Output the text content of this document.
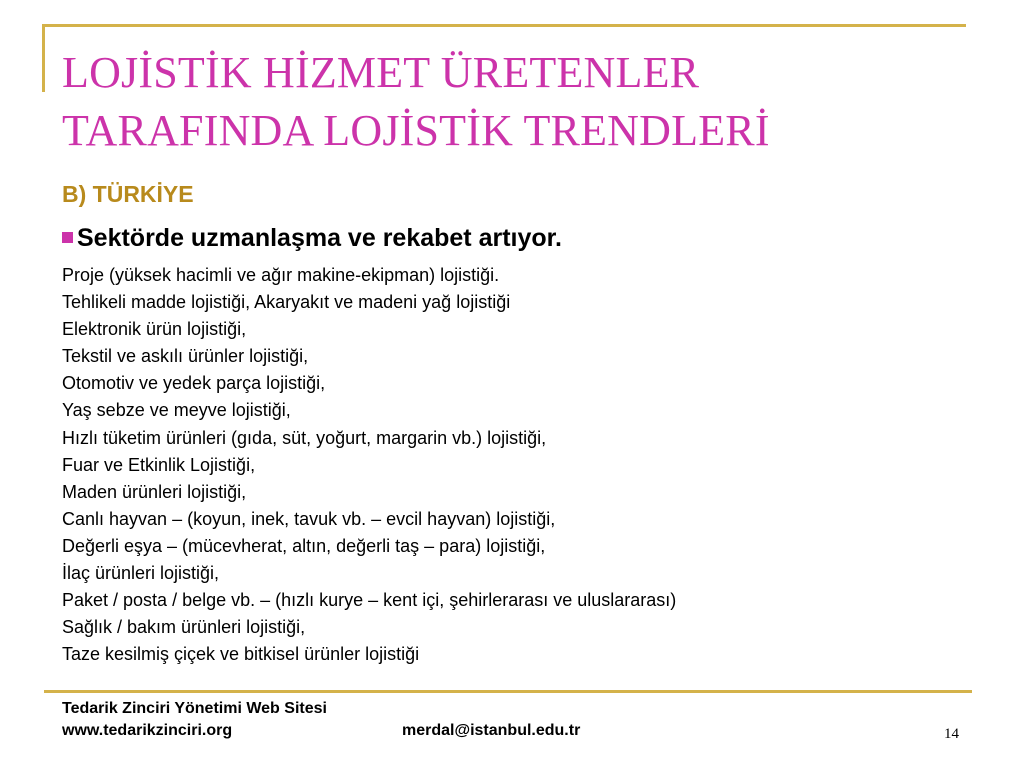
LOJİSTİK HİZMET ÜRETENLER
TARAFINDA LOJİSTİK TRENDLERİ
B) TÜRKİYE
Sektörde uzmanlaşma ve rekabet artıyor.
Proje (yüksek hacimli ve ağır makine-ekipman) lojistiği.
Tehlikeli madde lojistiği, Akaryakıt ve madeni yağ lojistiği
Elektronik ürün lojistiği,
Tekstil ve askılı ürünler lojistiği,
Otomotiv ve yedek parça lojistiği,
Yaş sebze ve meyve lojistiği,
Hızlı tüketim ürünleri (gıda, süt, yoğurt, margarin vb.) lojistiği,
Fuar ve Etkinlik Lojistiği,
Maden ürünleri lojistiği,
Canlı hayvan – (koyun, inek, tavuk vb. – evcil hayvan) lojistiği,
Değerli eşya – (mücevherat, altın, değerli taş – para) lojistiği,
İlaç ürünleri lojistiği,
Paket / posta / belge vb. – (hızlı kurye – kent içi, şehirlerarası ve uluslararası)
Sağlık / bakım ürünleri lojistiği,
Taze kesilmiş çiçek ve bitkisel ürünler lojistiği
Tedarik Zinciri Yönetimi Web Sitesi
www.tedarikzinciri.org	merdal@istanbul.edu.tr	14
